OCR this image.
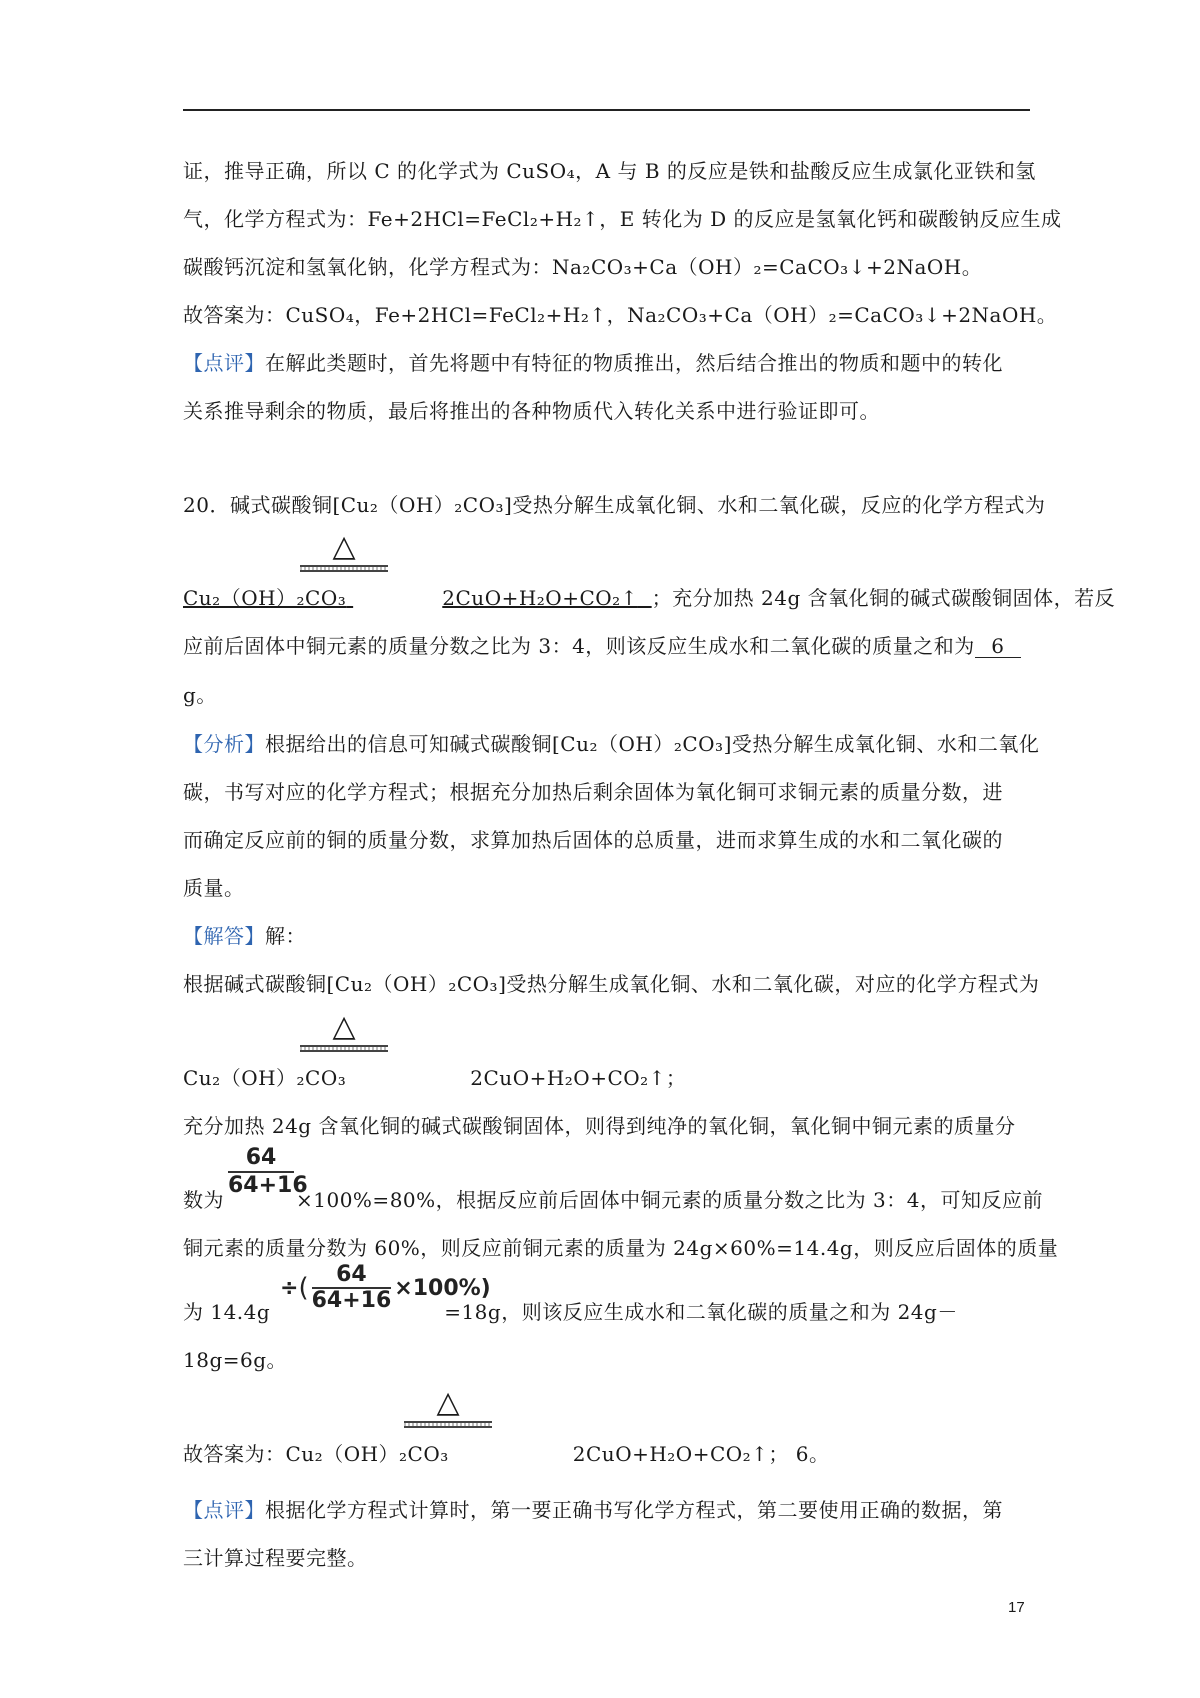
证，推导正确，所以 C 的化学式为 CuSO₄，A 与 B 的反应是铁和盐酸反应生成氯化亚铁和氢
气，化学方程式为：Fe+2HCl=FeCl₂+H₂↑，E 转化为 D 的反应是氢氧化钙和碳酸钠反应生成
碳酸钙沉淀和氢氧化钠，化学方程式为：Na₂CO₃+Ca（OH）₂=CaCO₃↓+2NaOH。
故答案为：CuSO₄，Fe+2HCl=FeCl₂+H₂↑，Na₂CO₃+Ca（OH）₂=CaCO₃↓+2NaOH。
【点评】在解此类题时，首先将题中有特征的物质推出，然后结合推出的物质和题中的转化
关系推导剩余的物质，最后将推出的各种物质代入转化关系中进行验证即可。
20．碱式碳酸铜[Cu₂（OH）₂CO₃]受热分解生成氧化铜、水和二氧化碳，反应的化学方程式为
△
Cu₂（OH）₂CO₃	2CuO+H₂O+CO₂↑ ；充分加热 24g 含氧化铜的碱式碳酸铜固体，若反
应前后固体中铜元素的质量分数之比为 3：4，则该反应生成水和二氧化碳的质量之和为 6
g。
【分析】根据给出的信息可知碱式碳酸铜[Cu₂（OH）₂CO₃]受热分解生成氧化铜、水和二氧化
碳，书写对应的化学方程式；根据充分加热后剩余固体为氧化铜可求铜元素的质量分数，进
而确定反应前的铜的质量分数，求算加热后固体的总质量，进而求算生成的水和二氧化碳的
质量。
【解答】解：
根据碱式碳酸铜[Cu₂（OH）₂CO₃]受热分解生成氧化铜、水和二氧化碳，对应的化学方程式为
△
Cu₂（OH）₂CO₃	2CuO+H₂O+CO₂↑；
充分加热 24g 含氧化铜的碱式碳酸铜固体，则得到纯净的氧化铜，氧化铜中铜元素的质量分
64
64+16
数为	×100%=80%，根据反应前后固体中铜元素的质量分数之比为 3：4，可知反应前
铜元素的质量分数为 60%，则反应前铜元素的质量为 24g×60%=14.4g，则反应后固体的质量
÷ (	64
64+16 ×100%)
为 14.4g	=18g，则该反应生成水和二氧化碳的质量之和为 24g－
18g=6g。
△
故答案为：Cu₂（OH）₂CO₃	2CuO+H₂O+CO₂↑； 6。
【点评】根据化学方程式计算时，第一要正确书写化学方程式，第二要使用正确的数据，第
三计算过程要完整。
17
